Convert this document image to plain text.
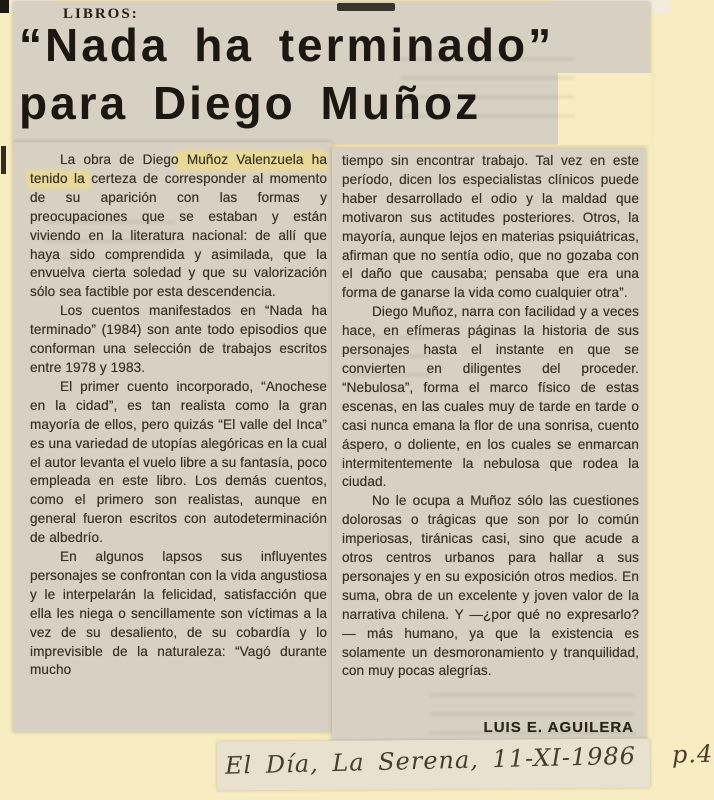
LIBROS:
“Nada ha terminado”
para Diego Muñoz

La obra de Diego Muñoz Valenzuela ha tenido la certeza de corresponder al momento de su aparición con las formas y preocupaciones que se estaban y están viviendo en la literatura nacional: de allí que haya sido comprendida y asimilada, que la envuelva cierta soledad y que su valorización sólo sea factible por esta descendencia.

Los cuentos manifestados en “Nada ha terminado” (1984) son ante todo episodios que conforman una selección de trabajos escritos entre 1978 y 1983.

El primer cuento incorporado, “Anochese en la cidad”, es tan realista como la gran mayoría de ellos, pero quizás “El valle del Inca” es una variedad de utopías alegóricas en la cual el autor levanta el vuelo libre a su fantasía, poco empleada en este libro. Los demás cuentos, como el primero son realistas, aunque en general fueron escritos con autodeterminación de albedrío.

En algunos lapsos sus influyentes personajes se confrontan con la vida angustiosa y le interpelarán la felicidad, satisfacción que ella les niega o sencillamente son víctimas a la vez de su desaliento, de su cobardía y lo imprevisible de la naturaleza: “Vagó durante mucho

tiempo sin encontrar trabajo. Tal vez en este período, dicen los especialistas clínicos puede haber desarrollado el odio y la maldad que motivaron sus actitudes posteriores. Otros, la mayoría, aunque lejos en materias psiquiátricas, afirman que no sentía odio, que no gozaba con el daño que causaba; pensaba que era una forma de ganarse la vida como cualquier otra”.

Diego Muñoz, narra con facilidad y a veces hace, en efímeras páginas la historia de sus personajes hasta el instante en que se convierten en diligentes del proceder. “Nebulosa”, forma el marco físico de estas escenas, en las cuales muy de tarde en tarde o casi nunca emana la flor de una sonrisa, cuento áspero, o doliente, en los cuales se enmarcan intermitentemente la nebulosa que rodea la ciudad.

No le ocupa a Muñoz sólo las cuestiones dolorosas o trágicas que son por lo común imperiosas, tiránicas casi, sino que acude a otros centros urbanos para hallar a sus personajes y en su exposición otros medios. En suma, obra de un excelente y joven valor de la narrativa chilena. Y —¿por qué no expresarlo?— más humano, ya que la existencia es solamente un desmoronamiento y tranquilidad, con muy pocas alegrías.

LUIS E. AGUILERA
El Día, La Serena, 11-XI-1986 p.4
